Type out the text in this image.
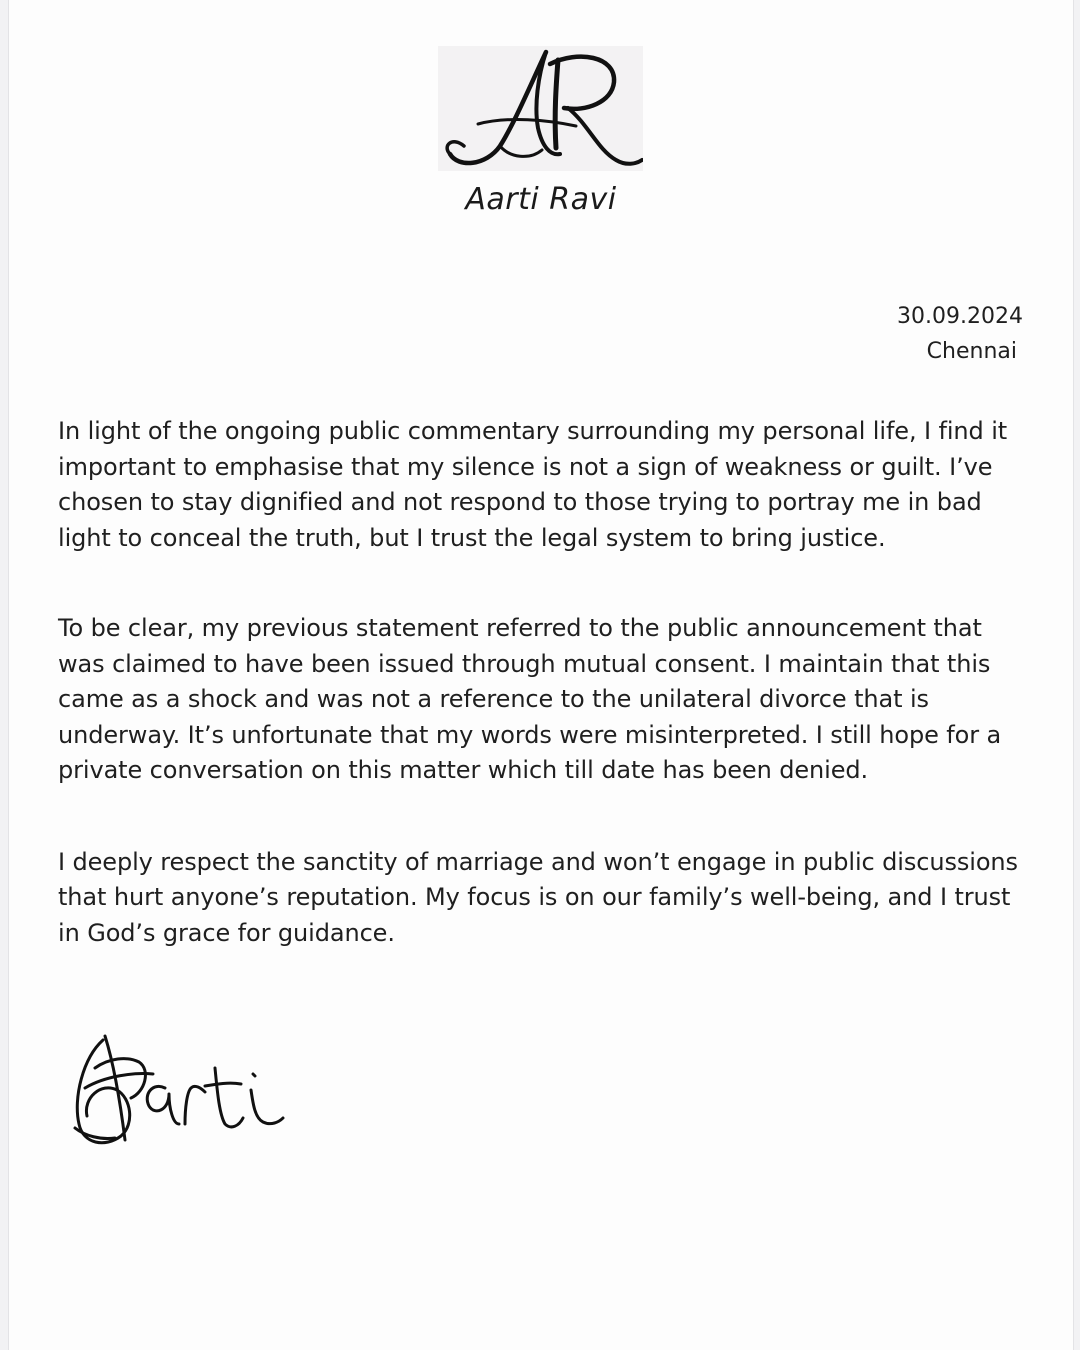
Aarti Ravi
30.09.2024
Chennai

In light of the ongoing public commentary surrounding my personal life, I find it
important to emphasise that my silence is not a sign of weakness or guilt. I’ve
chosen to stay dignified and not respond to those trying to portray me in bad
light to conceal the truth, but I trust the legal system to bring justice.

To be clear, my previous statement referred to the public announcement that
was claimed to have been issued through mutual consent. I maintain that this
came as a shock and was not a reference to the unilateral divorce that is
underway. It’s unfortunate that my words were misinterpreted. I still hope for a
private conversation on this matter which till date has been denied.

I deeply respect the sanctity of marriage and won’t engage in public discussions
that hurt anyone’s reputation. My focus is on our family’s well-being, and I trust
in God’s grace for guidance.
